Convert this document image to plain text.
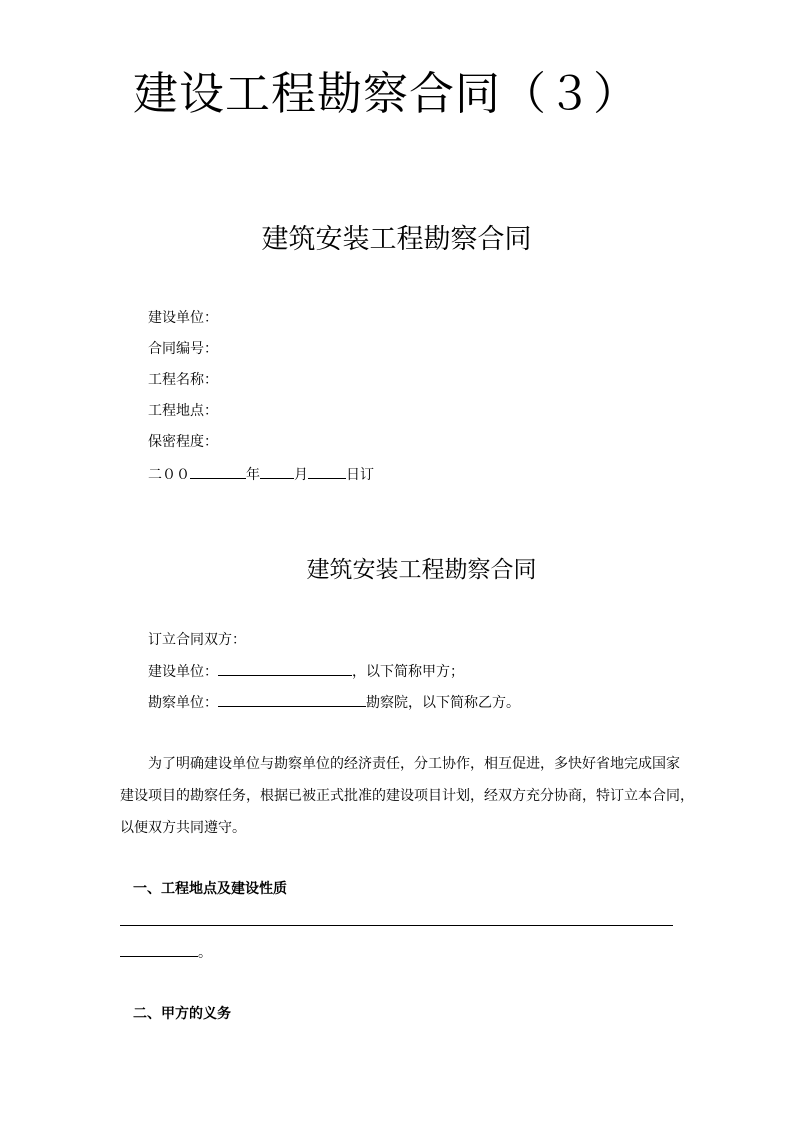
建设工程勘察合同（３）
建筑安装工程勘察合同
建设单位：
合同编号：
工程名称：
工程地点：
保密程度：
二００	年 月	日订
建筑安装工程勘察合同
订立合同双方：
建设单位：	，以下简称甲方；
勘察单位：	勘察院，以下简称乙方。
为了明确建设单位与勘察单位的经济责任，分工协作，相互促进，多快好省地完成国家
建设项目的勘察任务，根据已被正式批准的建设项目计划，经双方充分协商，特订立本合同，
以便双方共同遵守。
一、工程地点及建设性质
。
二、甲方的义务
